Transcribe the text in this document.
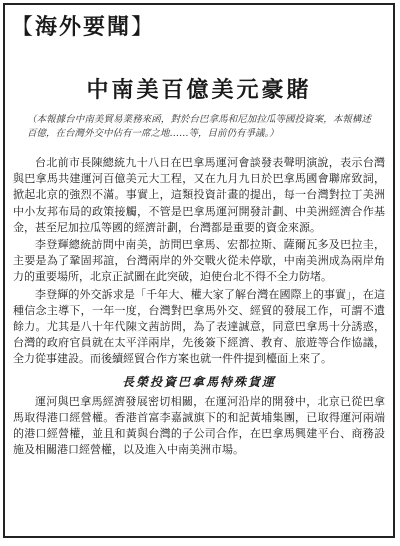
【海外要聞】
中南美百億美元豪賭
（本報據台中南美貿易業務來函，對於台巴拿馬和尼加拉瓜等國投資案，本報構述百億，在台灣外交中佔有一席之地……等，目前仍有爭議。）

台北前市長陳總統九十八日在巴拿馬運河會談發表聲明演說，表示台灣與巴拿馬共建運河百億美元大工程，又在九月九日於巴拿馬國會聯席致詞，掀起北京的強烈不滿。事實上，這類投資計畫的提出，每一台灣對拉丁美洲中小友邦布局的政策接觸，不管是巴拿馬運河開發計劃、中美洲經濟合作基金，甚至尼加拉瓜等國的經濟計劃，台灣都是重要的資金來源。

李登輝總統訪問中南美，訪問巴拿馬、宏都拉斯、薩爾瓦多及巴拉圭，主要是為了鞏固邦誼，台灣兩岸的外交戰火從未停歇，中南美洲成為兩岸角力的重要場所，北京正試圖在此突破，迫使台北不得不全力防堵。

李登輝的外交訴求是「千年大、權大家了解台灣在國際上的事實」，在這種信念主導下，一年一度，台灣對巴拿馬外交、經貿的發展工作，可謂不遺餘力。尤其是八十年代陳文茜訪問，為了表達誠意，同意巴拿馬十分誘惑，台灣的政府官員就在太平洋兩岸，先後簽下經濟、教育、旅遊等合作協議，全力從事建設。而後續經貿合作方案也就一件件提到檯面上來了。

長榮投資巴拿馬特殊貨運

運河與巴拿馬經濟發展密切相關，在運河沿岸的開發中，北京已從巴拿馬取得港口經營權。香港首富李嘉誠旗下的和記黃埔集團，已取得運河兩端的港口經營權，並且和黃與台灣的子公司合作，在巴拿馬興建平台、商務設施及相關港口經營權，以及進入中南美洲市場。
